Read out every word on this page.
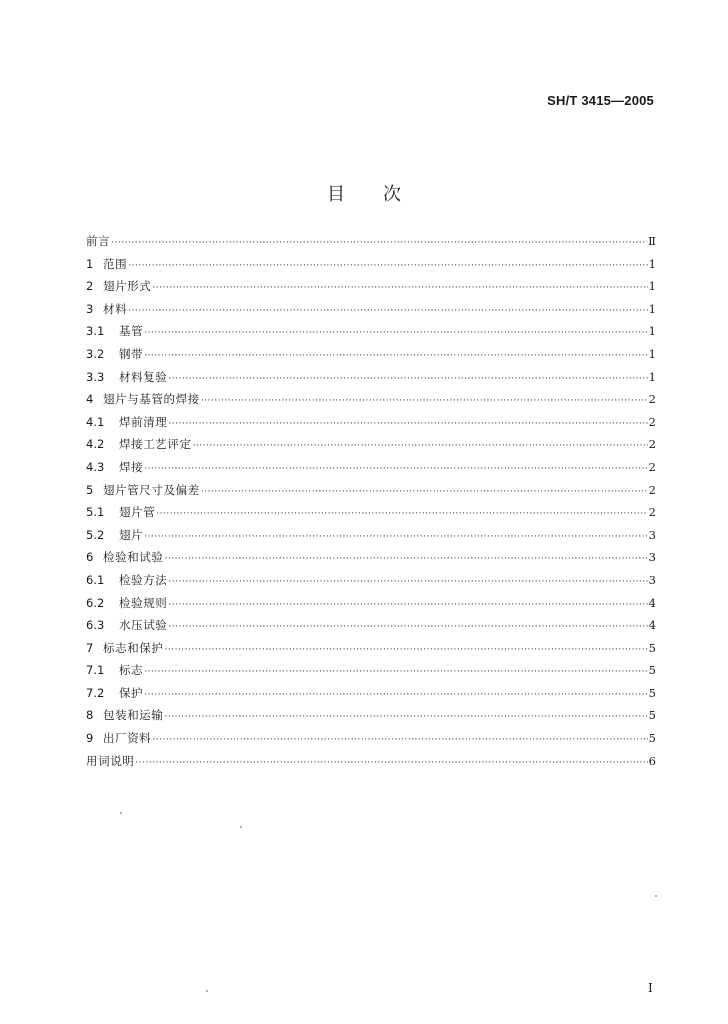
SH/T 3415—2005
目次
前言 ·····	Ⅱ
1 范围 ·····	1
2 翅片形式 ·····	1
3 材料 ·····	1
3.1	基管 ·····	1
3.2	钢带 ·····	1
3.3	材料复验 ·····	1
4 翅片与基管的焊接 ·····	2
4.1	焊前清理 ·····	2
4.2	焊接工艺评定 ·····	2
4.3	焊接 ·····	2
5 翅片管尺寸及偏差 ·····	2
5.1	翅片管 ·····	2
5.2	翅片 ·····	3
6 检验和试验 ·····	3
6.1	检验方法 ·····	3
6.2	检验规则 ·····	4
6.3	水压试验 ·····	4
7 标志和保护 ·····	5
7.1	标志 ·····	5
7.2	保护 ·····	5
8 包装和运输 ·····	5
9 出厂资料 ·····	5
用词说明 ·····	6
I
